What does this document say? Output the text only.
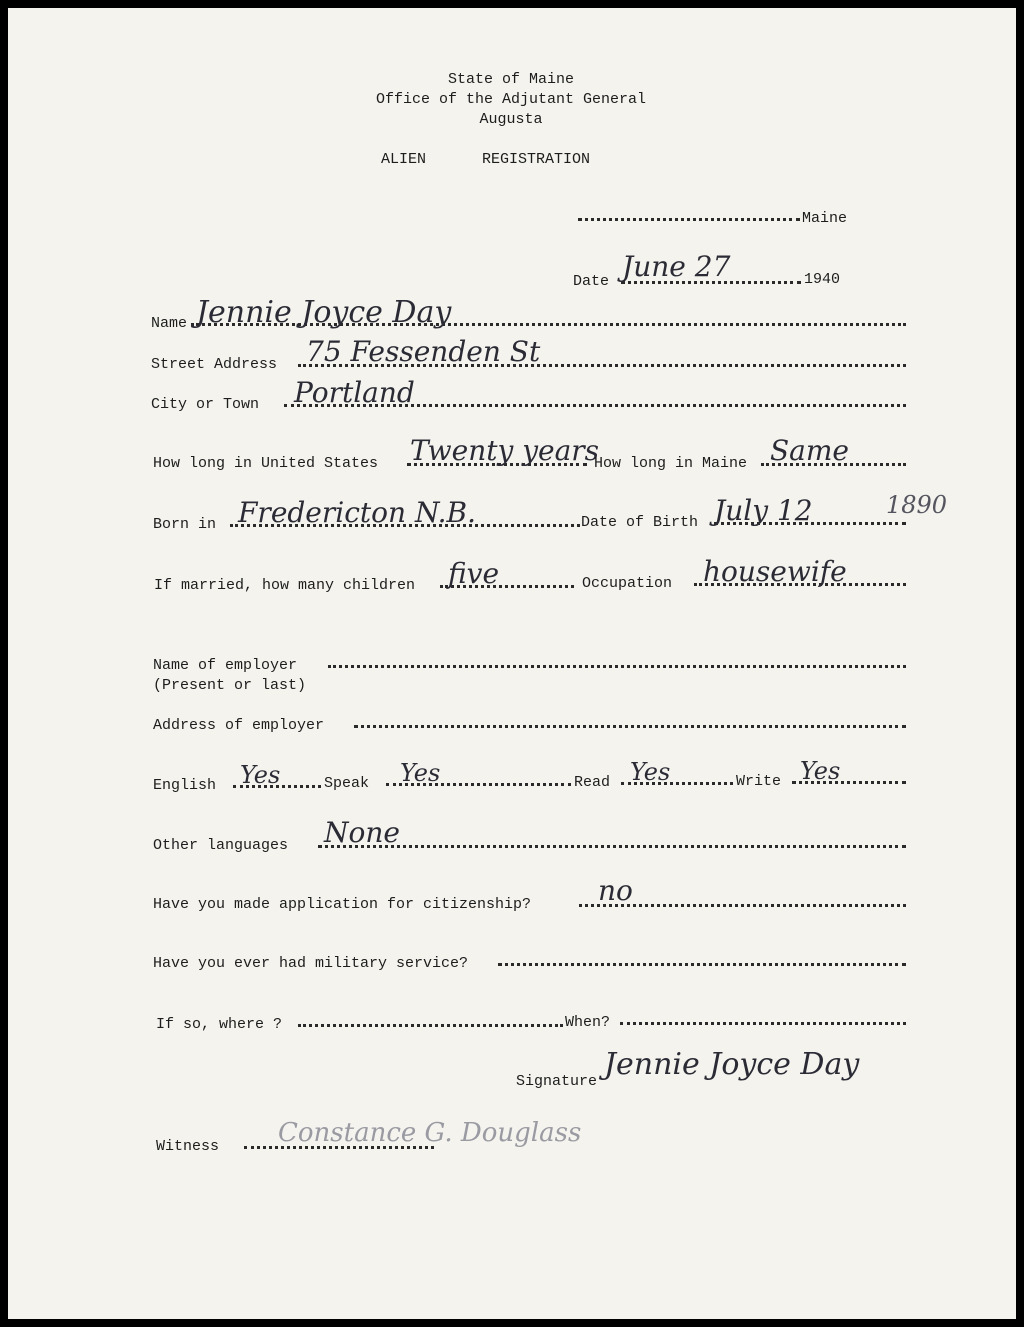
State of Maine
Office of the Adjutant General
Augusta
ALIEN	REGISTRATION
Maine
Date June 27	1940
Name Jennie Joyce Day
Street Address 75 Fessenden St
City or Town Portland
How long in United States Twenty years
How long in Maine Same
Born in Fredericton N.B.	Date of Birth July 12	1890
If married, how many children five	Occupation housewife
Name of employer
(Present or last)
Address of employer
English Yes	Speak Yes	Read Yes	Write Yes
Other languages None
Have you made application for citizenship? no
Have you ever had military service?
If so, where ?	When?
Signature Jennie Joyce Day
Witness Constance G. Douglass
